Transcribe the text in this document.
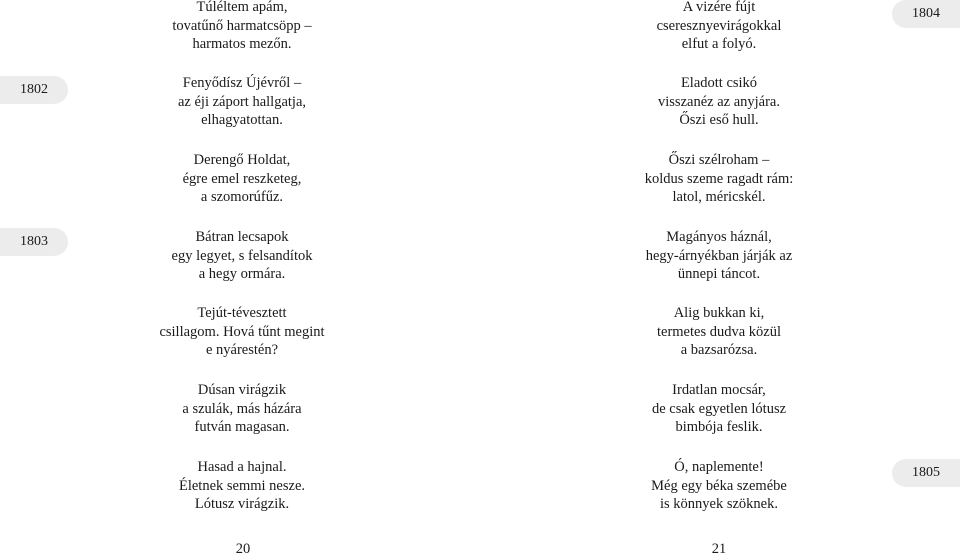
1802
1803
1804
1805
Túléltem apám,
tovatűnő harmatcsöpp –
harmatos mezőn.
Fenyődísz Újévről –
az éji záport hallgatja,
elhagyatottan.
Derengő Holdat,
égre emel reszketeg,
a szomorúfűz.
Bátran lecsapok
egy legyet, s felsandítok
a hegy ormára.
Tejút-tévesztett
csillagom. Hová tűnt megint
e nyárestén?
Dúsan virágzik
a szulák, más házára
futván magasan.
Hasad a hajnal.
Életnek semmi nesze.
Lótusz virágzik.
A vizére fújt
cseresznyevirágokkal
elfut a folyó.
Eladott csikó
visszanéz az anyjára.
Őszi eső hull.
Őszi szélroham –
koldus szeme ragadt rám:
latol, méricskél.
Magányos háznál,
hegy-árnyékban járják az
ünnepi táncot.
Alig bukkan ki,
termetes dudva közül
a bazsarózsa.
Irdatlan mocsár,
de csak egyetlen lótusz
bimbója feslik.
Ó, naplemente!
Még egy béka szemébe
is könnyek szöknek.
20	21
